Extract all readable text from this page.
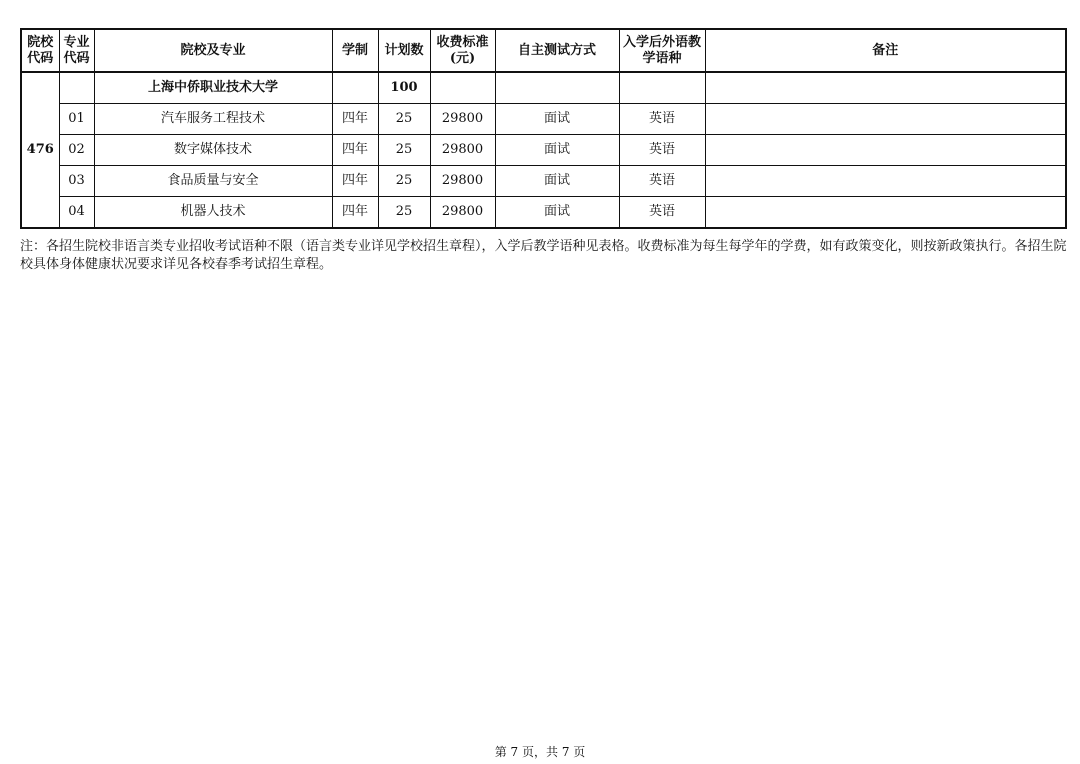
院校代码	专业代码	院校及专业	学制	计划数	收费标准(元)	自主测试方式	入学后外语教学语种	备注
476		上海中侨职业技术大学		100				
	01	汽车服务工程技术	四年	25	29800	面试	英语	
	02	数字媒体技术	四年	25	29800	面试	英语	
	03	食品质量与安全	四年	25	29800	面试	英语	
	04	机器人技术	四年	25	29800	面试	英语	
注：各招生院校非语言类专业招收考试语种不限（语言类专业详见学校招生章程），入学后教学语种见表格。收费标准为每生每学年的学费，如有政策变化，则按新政策执行。各招生院校具体身体健康状况要求详见各校春季考试招生章程。
第 7 页，共 7 页
